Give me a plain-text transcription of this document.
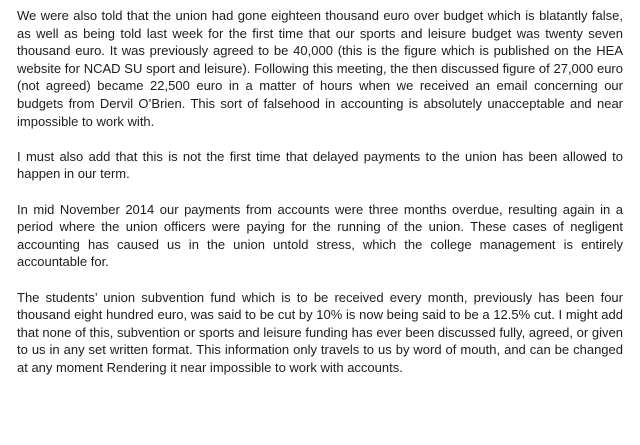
We were also told that the union had gone eighteen thousand euro over budget which is blatantly false, as well as being told last week for the first time that our sports and leisure budget was twenty seven thousand euro. It was previously agreed to be 40,000 (this is the figure which is published on the HEA website for NCAD SU sport and leisure). Following this meeting, the then discussed figure of 27,000 euro (not agreed) became 22,500 euro in a matter of hours when we received an email concerning our budgets from Dervil O’Brien. This sort of falsehood in accounting is absolutely unacceptable and near impossible to work with.

I must also add that this is not the first time that delayed payments to the union has been allowed to happen in our term.

In mid November 2014 our payments from accounts were three months overdue, resulting again in a period where the union officers were paying for the running of the union. These cases of negligent accounting has caused us in the union untold stress, which the college management is entirely accountable for.

The students’ union subvention fund which is to be received every month, previously has been four thousand eight hundred euro, was said to be cut by 10% is now being said to be a 12.5% cut. I might add that none of this, subvention or sports and leisure funding has ever been discussed fully, agreed, or given to us in any set written format. This information only travels to us by word of mouth, and can be changed at any moment Rendering it near impossible to work with accounts.
